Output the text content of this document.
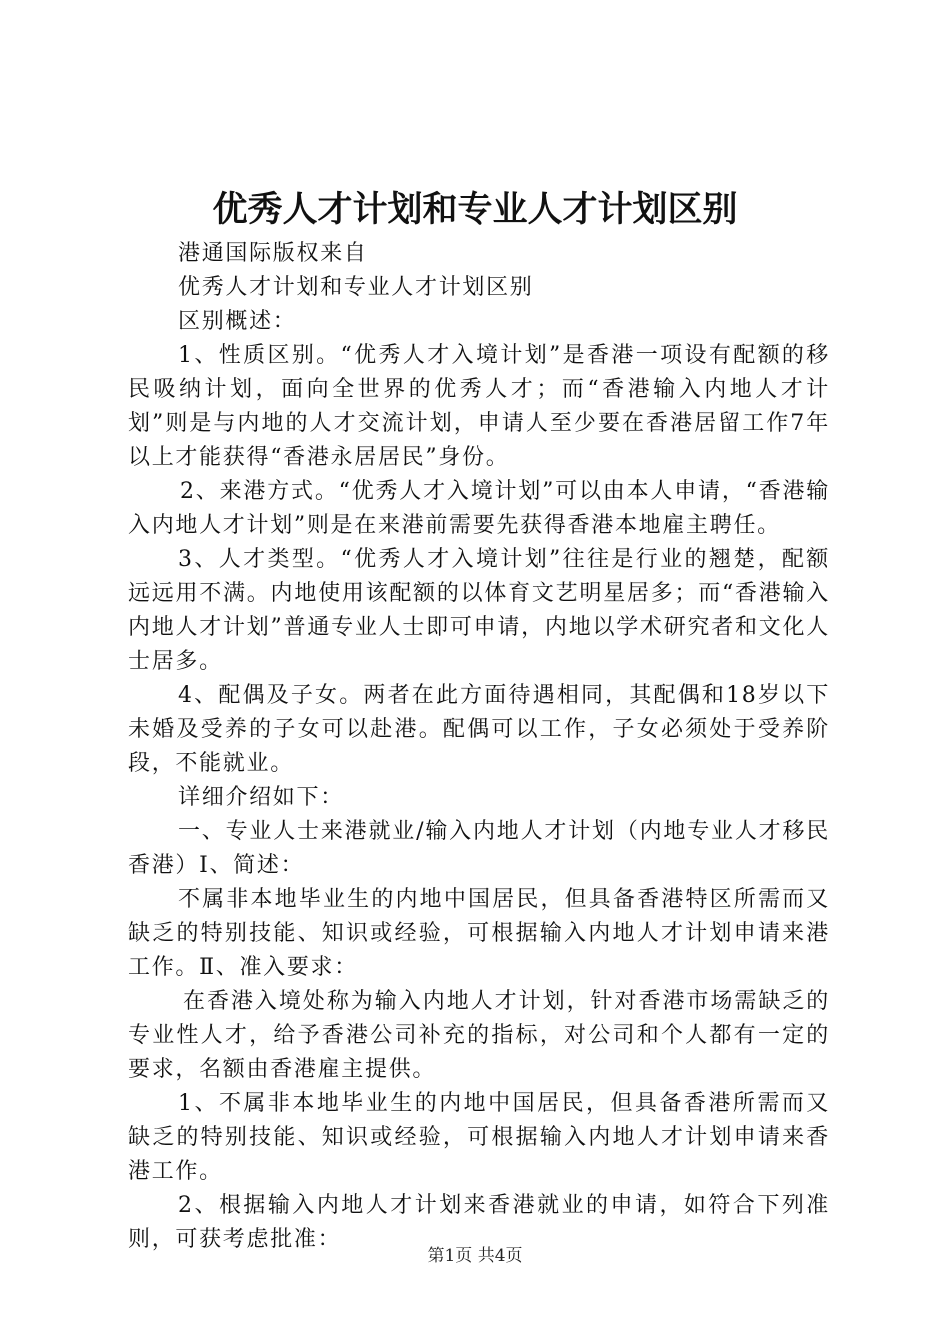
优秀人才计划和专业人才计划区别

港通国际版权来自

优秀人才计划和专业人才计划区别

区别概述：

1、性质区别。“优秀人才入境计划”是香港一项设有配额的移民吸纳计划，面向全世界的优秀人才；而“香港输入内地人才计划”则是与内地的人才交流计划，申请人至少要在香港居留工作7年以上才能获得“香港永居居民”身份。

2、来港方式。“优秀人才入境计划”可以由本人申请，“香港输入内地人才计划”则是在来港前需要先获得香港本地雇主聘任。

3、人才类型。“优秀人才入境计划”往往是行业的翘楚，配额远远用不满。内地使用该配额的以体育文艺明星居多；而“香港输入内地人才计划”普通专业人士即可申请，内地以学术研究者和文化人士居多。

4、配偶及子女。两者在此方面待遇相同，其配偶和18岁以下未婚及受养的子女可以赴港。配偶可以工作，子女必须处于受养阶段，不能就业。

详细介绍如下：

一、专业人士来港就业/输入内地人才计划（内地专业人才移民香港）Ⅰ、简述：

不属非本地毕业生的内地中国居民，但具备香港特区所需而又缺乏的特别技能、知识或经验，可根据输入内地人才计划申请来港工作。Ⅱ、准入要求：

在香港入境处称为输入内地人才计划，针对香港市场需缺乏的专业性人才，给予香港公司补充的指标，对公司和个人都有一定的要求，名额由香港雇主提供。

1、不属非本地毕业生的内地中国居民，但具备香港所需而又缺乏的特别技能、知识或经验，可根据输入内地人才计划申请来香港工作。

2、根据输入内地人才计划来香港就业的申请，如符合下列准则，可获考虑批准：

第1页 共4页
